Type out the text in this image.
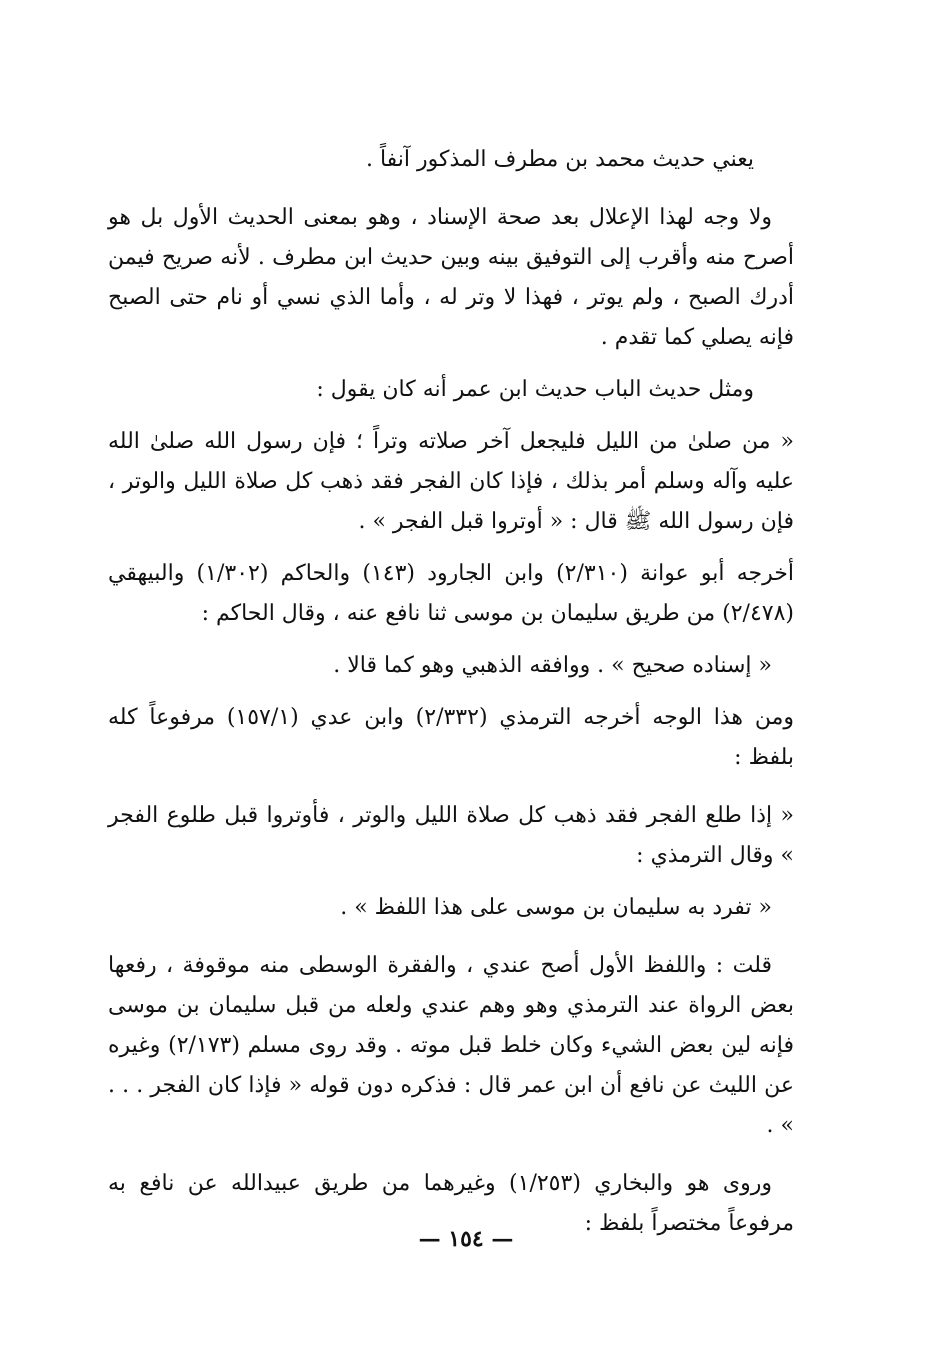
يعني حديث محمد بن مطرف المذكور آنفاً .

ولا وجه لهذا الإعلال بعد صحة الإسناد ، وهو بمعنى الحديث الأول بل هو أصرح منه وأقرب إلى التوفيق بينه وبين حديث ابن مطرف . لأنه صريح فيمن أدرك الصبح ، ولم يوتر ، فهذا لا وتر له ، وأما الذي نسي أو نام حتى الصبح فإنه يصلي كما تقدم .

ومثل حديث الباب حديث ابن عمر أنه كان يقول :

« من صلىٰ من الليل فليجعل آخر صلاته وتراً ؛ فإن رسول الله صلىٰ الله عليه وآله وسلم أمر بذلك ، فإذا كان الفجر فقد ذهب كل صلاة الليل والوتر ، فإن رسول الله ﷺ قال : « أوتروا قبل الفجر » .

أخرجه أبو عوانة (٢/٣١٠) وابن الجارود (١٤٣) والحاكم (١/٣٠٢) والبيهقي (٢/٤٧٨) من طريق سليمان بن موسى ثنا نافع عنه ، وقال الحاكم :

« إسناده صحيح » . ووافقه الذهبي وهو كما قالا .

ومن هذا الوجه أخرجه الترمذي (٢/٣٣٢) وابن عدي (١٥٧/١) مرفوعاً كله بلفظ :

« إذا طلع الفجر فقد ذهب كل صلاة الليل والوتر ، فأوتروا قبل طلوع الفجر » وقال الترمذي :

« تفرد به سليمان بن موسى على هذا اللفظ » .

قلت : واللفظ الأول أصح عندي ، والفقرة الوسطى منه موقوفة ، رفعها بعض الرواة عند الترمذي وهو وهم عندي ولعله من قبل سليمان بن موسى فإنه لين بعض الشيء وكان خلط قبل موته . وقد روى مسلم (٢/١٧٣) وغيره عن الليث عن نافع أن ابن عمر قال : فذكره دون قوله « فإذا كان الفجر . . . » .

وروى هو والبخاري (١/٢٥٣) وغيرهما من طريق عبيدالله عن نافع به مرفوعاً مختصراً بلفظ :

— ١٥٤ —
